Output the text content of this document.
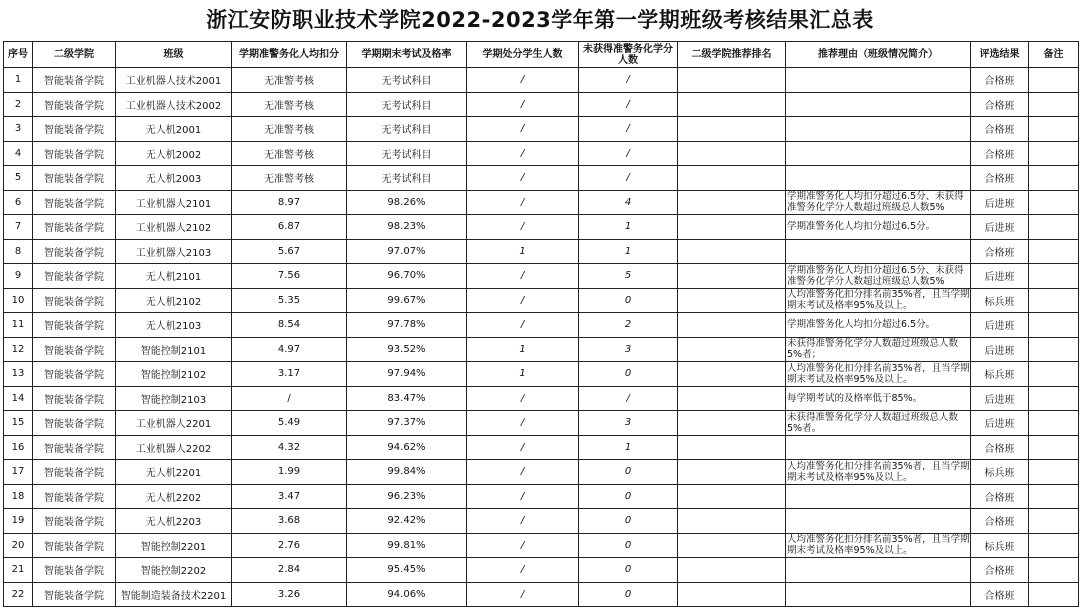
浙江安防职业技术学院2022-2023学年第一学期班级考核结果汇总表
序号	二级学院	班级	学期准警务化人均扣分	学期期末考试及格率	学期处分学生人数	未获得准警务化学分人数	二级学院推荐排名	推荐理由（班级情况简介）	评选结果	备注
1	智能装备学院	工业机器人技术2001	无准警考核	无考试科目	/	/			合格班	
2	智能装备学院	工业机器人技术2002	无准警考核	无考试科目	/	/			合格班	
3	智能装备学院	无人机2001	无准警考核	无考试科目	/	/			合格班	
4	智能装备学院	无人机2002	无准警考核	无考试科目	/	/			合格班	
5	智能装备学院	无人机2003	无准警考核	无考试科目	/	/			合格班	
6	智能装备学院	工业机器人2101	8.97	98.26%	/	4		学期准警务化人均扣分超过6.5分、未获得准警务化学分人数超过班级总人数5%	后进班	
7	智能装备学院	工业机器人2102	6.87	98.23%	/	1		学期准警务化人均扣分超过6.5分。	后进班	
8	智能装备学院	工业机器人2103	5.67	97.07%	1	1			合格班	
9	智能装备学院	无人机2101	7.56	96.70%	/	5		学期准警务化人均扣分超过6.5分、未获得准警务化学分人数超过班级总人数5%	后进班	
10	智能装备学院	无人机2102	5.35	99.67%	/	0		人均准警务化扣分排名前35%者，且当学期期末考试及格率95%及以上。	标兵班	
11	智能装备学院	无人机2103	8.54	97.78%	/	2		学期准警务化人均扣分超过6.5分。	后进班	
12	智能装备学院	智能控制2101	4.97	93.52%	1	3		未获得准警务化学分人数超过班级总人数5%者；	后进班	
13	智能装备学院	智能控制2102	3.17	97.94%	1	0		人均准警务化扣分排名前35%者，且当学期期末考试及格率95%及以上。	标兵班	
14	智能装备学院	智能控制2103	/	83.47%	/	/		每学期考试的及格率低于85%。	后进班	
15	智能装备学院	工业机器人2201	5.49	97.37%	/	3		未获得准警务化学分人数超过班级总人数5%者。	后进班	
16	智能装备学院	工业机器人2202	4.32	94.62%	/	1			合格班	
17	智能装备学院	无人机2201	1.99	99.84%	/	0		人均准警务化扣分排名前35%者，且当学期期末考试及格率95%及以上。	标兵班	
18	智能装备学院	无人机2202	3.47	96.23%	/	0			合格班	
19	智能装备学院	无人机2203	3.68	92.42%	/	0			合格班	
20	智能装备学院	智能控制2201	2.76	99.81%	/	0		人均准警务化扣分排名前35%者，且当学期期末考试及格率95%及以上。	标兵班	
21	智能装备学院	智能控制2202	2.84	95.45%	/	0			合格班	
22	智能装备学院	智能制造装备技术2201	3.26	94.06%	/	0			合格班	
